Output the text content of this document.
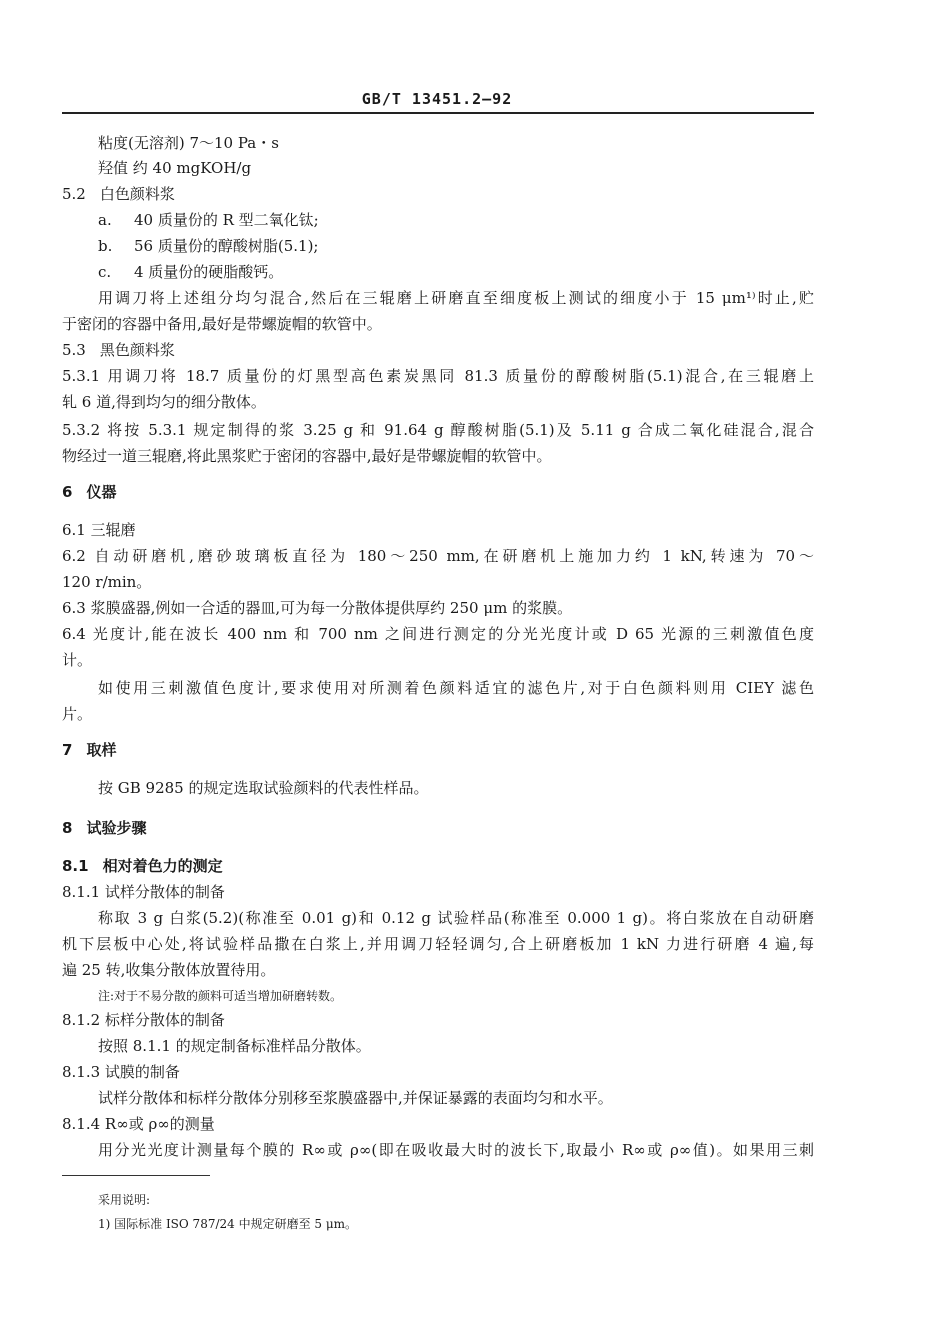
GB/T 13451.2—92
粘度(无溶剂) 7～10 Pa・s
羟值 约 40 mgKOH/g
5.2 白色颜料浆
a. 40 质量份的 R 型二氧化钛;
b. 56 质量份的醇酸树脂(5.1);
c. 4 质量份的硬脂酸钙。
用调刀将上述组分均匀混合,然后在三辊磨上研磨直至细度板上测试的细度小于 15 μm¹⁾时止,贮
于密闭的容器中备用,最好是带螺旋帽的软管中。
5.3 黑色颜料浆
5.3.1 用调刀将 18.7 质量份的灯黑型高色素炭黑同 81.3 质量份的醇酸树脂(5.1)混合,在三辊磨上
轧 6 道,得到均匀的细分散体。
5.3.2 将按 5.3.1 规定制得的浆 3.25 g 和 91.64 g 醇酸树脂(5.1)及 5.11 g 合成二氧化硅混合,混合
物经过一道三辊磨,将此黑浆贮于密闭的容器中,最好是带螺旋帽的软管中。
6 仪器
6.1 三辊磨
6.2 自动研磨机,磨砂玻璃板直径为 180～250 mm,在研磨机上施加力约 1 kN,转速为 70～
120 r/min。
6.3 浆膜盛器,例如一合适的器皿,可为每一分散体提供厚约 250 μm 的浆膜。
6.4 光度计,能在波长 400 nm 和 700 nm 之间进行测定的分光光度计或 D 65 光源的三刺激值色度
计。
如使用三刺激值色度计,要求使用对所测着色颜料适宜的滤色片,对于白色颜料则用 CIEY 滤色
片。
7 取样
按 GB 9285 的规定选取试验颜料的代表性样品。
8 试验步骤
8.1 相对着色力的测定
8.1.1 试样分散体的制备
称取 3 g 白浆(5.2)(称准至 0.01 g)和 0.12 g 试验样品(称准至 0.000 1 g)。将白浆放在自动研磨
机下层板中心处,将试验样品撒在白浆上,并用调刀轻轻调匀,合上研磨板加 1 kN 力进行研磨 4 遍,每
遍 25 转,收集分散体放置待用。
注:对于不易分散的颜料可适当增加研磨转数。
8.1.2 标样分散体的制备
按照 8.1.1 的规定制备标准样品分散体。
8.1.3 试膜的制备
试样分散体和标样分散体分别移至浆膜盛器中,并保证暴露的表面均匀和水平。
8.1.4 R∞或 ρ∞的测量
用分光光度计测量每个膜的 R∞或 ρ∞(即在吸收最大时的波长下,取最小 R∞或 ρ∞值)。如果用三刺
采用说明:
1) 国际标准 ISO 787/24 中规定研磨至 5 μm。
